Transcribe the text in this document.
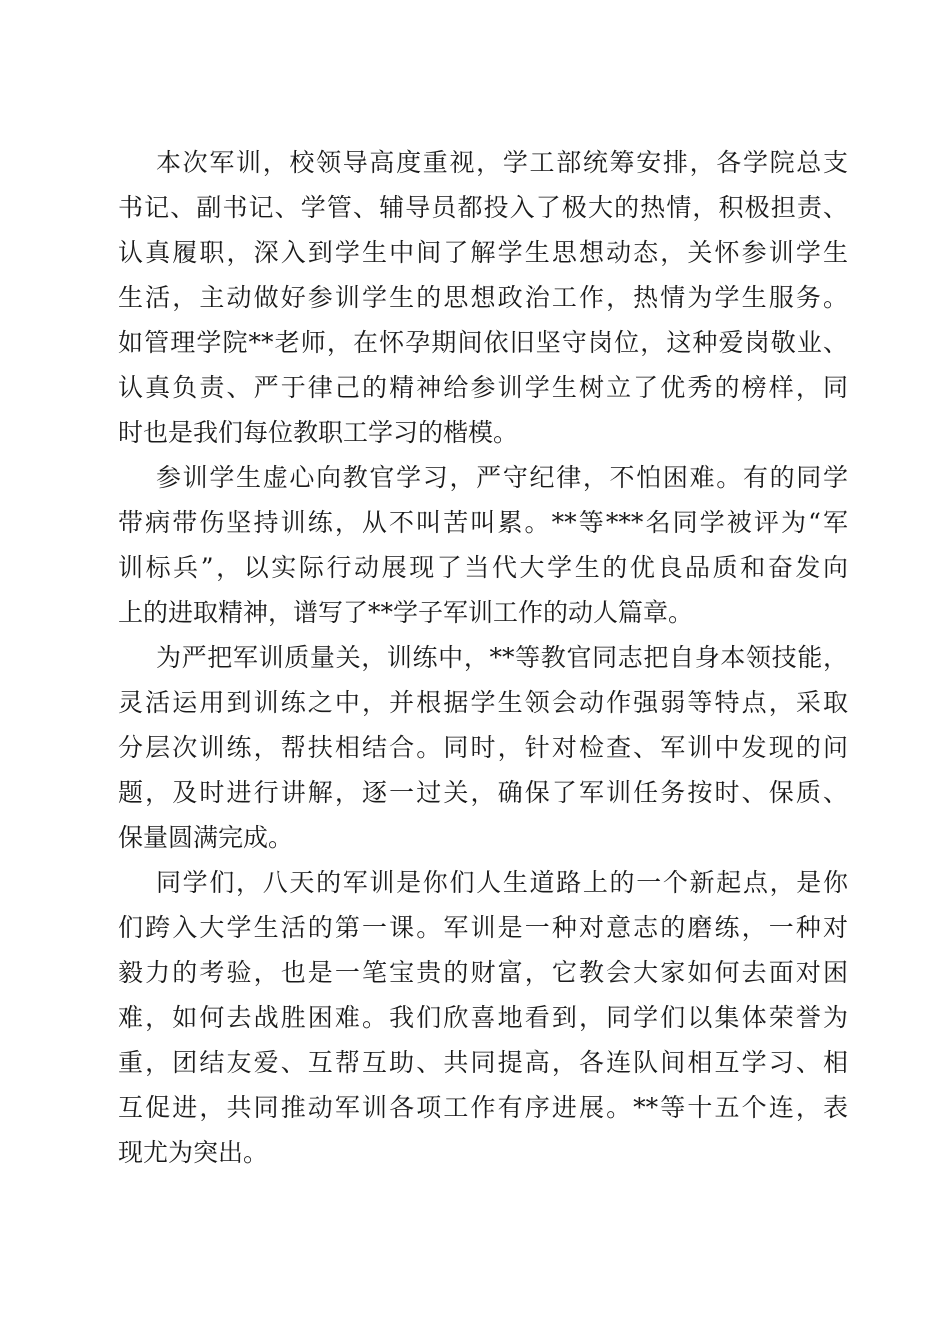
本次军训，校领导高度重视，学工部统筹安排，各学院总支
书记、副书记、学管、辅导员都投入了极大的热情，积极担责、
认真履职，深入到学生中间了解学生思想动态，关怀参训学生
生活，主动做好参训学生的思想政治工作，热情为学生服务。
如管理学院**老师，在怀孕期间依旧坚守岗位，这种爱岗敬业、
认真负责、严于律己的精神给参训学生树立了优秀的榜样，同
时也是我们每位教职工学习的楷模。
参训学生虚心向教官学习，严守纪律，不怕困难。有的同学
带病带伤坚持训练，从不叫苦叫累。**等***名同学被评为“军
训标兵”，以实际行动展现了当代大学生的优良品质和奋发向
上的进取精神，谱写了**学子军训工作的动人篇章。
为严把军训质量关，训练中，**等教官同志把自身本领技能，
灵活运用到训练之中，并根据学生领会动作强弱等特点，采取
分层次训练，帮扶相结合。同时，针对检查、军训中发现的问
题，及时进行讲解，逐一过关，确保了军训任务按时、保质、
保量圆满完成。
同学们，八天的军训是你们人生道路上的一个新起点，是你
们跨入大学生活的第一课。军训是一种对意志的磨练，一种对
毅力的考验，也是一笔宝贵的财富，它教会大家如何去面对困
难，如何去战胜困难。我们欣喜地看到，同学们以集体荣誉为
重，团结友爱、互帮互助、共同提高，各连队间相互学习、相
互促进，共同推动军训各项工作有序进展。**等十五个连，表
现尤为突出。
